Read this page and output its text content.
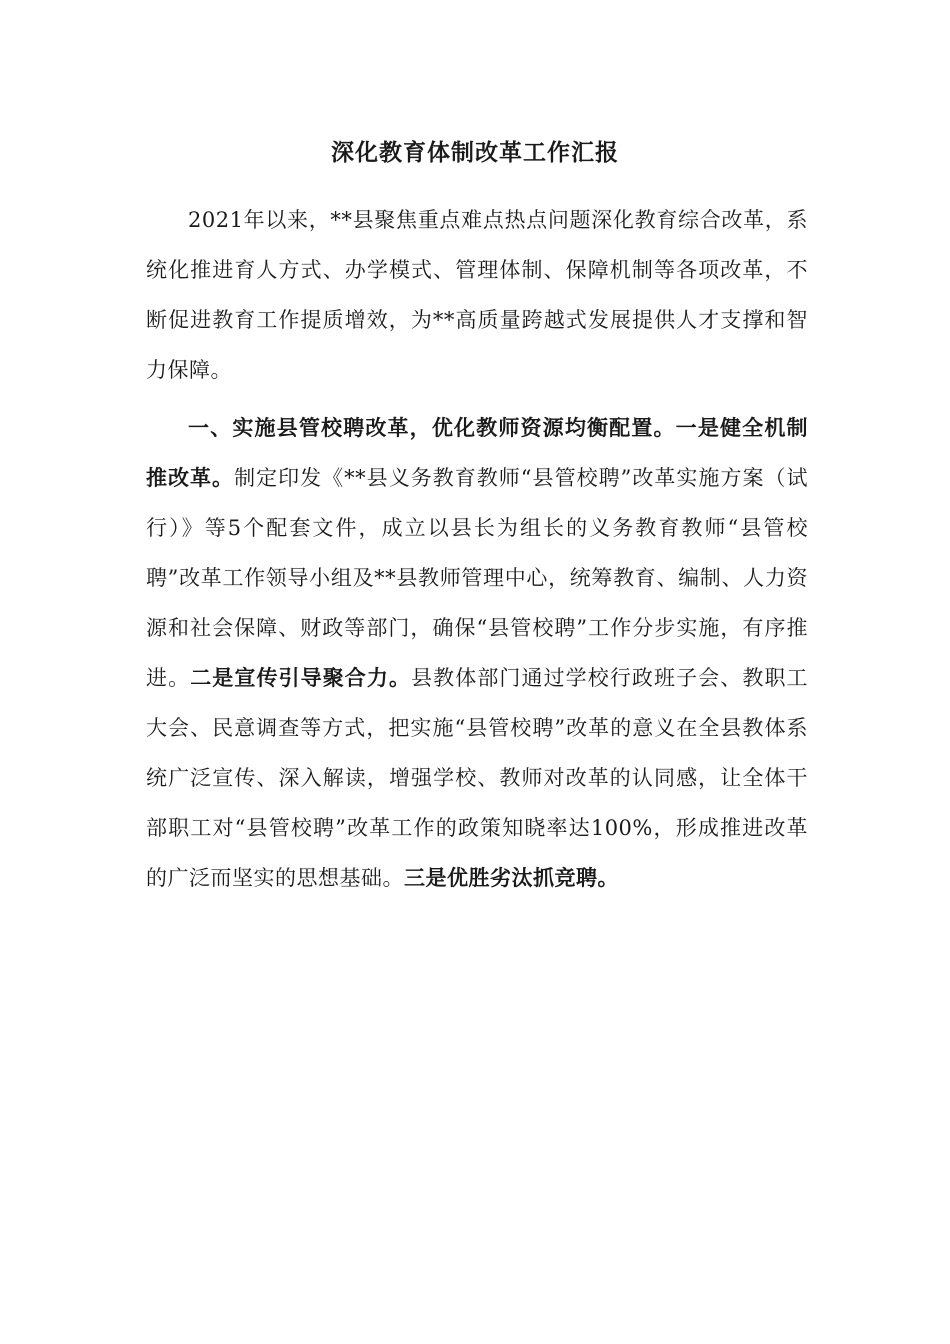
深化教育体制改革工作汇报

2021年以来，**县聚焦重点难点热点问题深化教育综合改革，系统化推进育人方式、办学模式、管理体制、保障机制等各项改革，不断促进教育工作提质增效，为**高质量跨越式发展提供人才支撑和智力保障。

一、实施县管校聘改革，优化教师资源均衡配置。一是健全机制推改革。制定印发《**县义务教育教师“县管校聘”改革实施方案（试行）》等5个配套文件，成立以县长为组长的义务教育教师“县管校聘”改革工作领导小组及**县教师管理中心，统筹教育、编制、人力资源和社会保障、财政等部门，确保“县管校聘”工作分步实施，有序推进。二是宣传引导聚合力。县教体部门通过学校行政班子会、教职工大会、民意调查等方式，把实施“县管校聘”改革的意义在全县教体系统广泛宣传、深入解读，增强学校、教师对改革的认同感，让全体干部职工对“县管校聘”改革工作的政策知晓率达100%，形成推进改革的广泛而坚实的思想基础。三是优胜劣汰抓竞聘。
